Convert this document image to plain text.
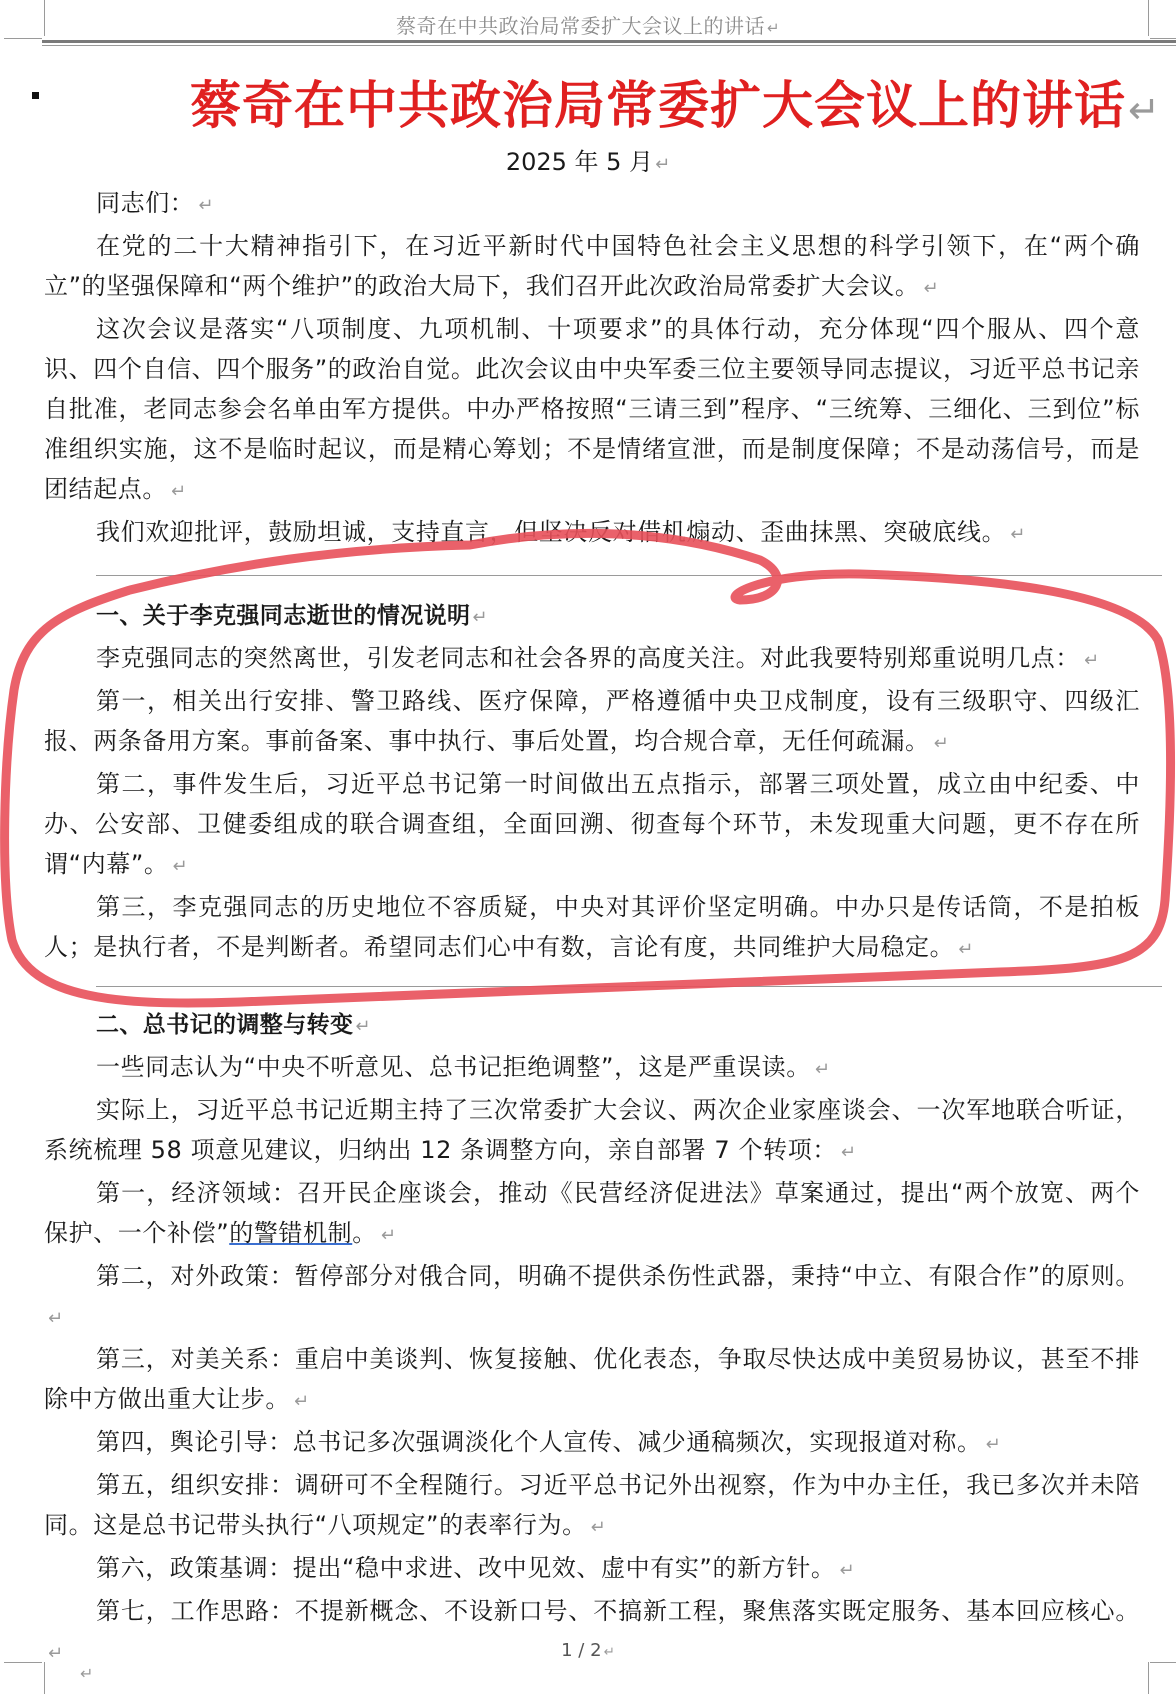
蔡奇在中共政治局常委扩大会议上的讲话 ↵
蔡奇在中共政治局常委扩大会议上的讲话↵
2025 年 5 月 ↵

同志们： ↵

在党的二十大精神指引下，在习近平新时代中国特色社会主义思想的科学引领下，在“两个确立”的坚强保障和“两个维护”的政治大局下，我们召开此次政治局常委扩大会议。 ↵

这次会议是落实“八项制度、九项机制、十项要求”的具体行动，充分体现“四个服从、四个意识、四个自信、四个服务”的政治自觉。此次会议由中央军委三位主要领导同志提议，习近平总书记亲自批准，老同志参会名单由军方提供。中办严格按照“三请三到”程序、“三统筹、三细化、三到位”标准组织实施，这不是临时起议，而是精心筹划；不是情绪宣泄，而是制度保障；不是动荡信号，而是团结起点。 ↵

我们欢迎批评，鼓励坦诚，支持直言，但坚决反对借机煽动、歪曲抹黑、突破底线。 ↵

一、关于李克强同志逝世的情况说明 ↵

李克强同志的突然离世，引发老同志和社会各界的高度关注。对此我要特别郑重说明几点： ↵

第一，相关出行安排、警卫路线、医疗保障，严格遵循中央卫戍制度，设有三级职守、四级汇报、两条备用方案。事前备案、事中执行、事后处置，均合规合章，无任何疏漏。 ↵

第二，事件发生后，习近平总书记第一时间做出五点指示，部署三项处置，成立由中纪委、中办、公安部、卫健委组成的联合调查组，全面回溯、彻查每个环节，未发现重大问题，更不存在所谓“内幕”。 ↵

第三，李克强同志的历史地位不容质疑，中央对其评价坚定明确。中办只是传话筒，不是拍板人；是执行者，不是判断者。希望同志们心中有数，言论有度，共同维护大局稳定。 ↵

二、总书记的调整与转变 ↵

一些同志认为“中央不听意见、总书记拒绝调整”，这是严重误读。 ↵

实际上，习近平总书记近期主持了三次常委扩大会议、两次企业家座谈会、一次军地联合听证，系统梳理 58 项意见建议，归纳出 12 条调整方向，亲自部署 7 个转项： ↵

第一，经济领域：召开民企座谈会，推动《民营经济促进法》草案通过，提出“两个放宽、两个保护、一个补偿”的警错机制。 ↵

第二，对外政策：暂停部分对俄合同，明确不提供杀伤性武器，秉持“中立、有限合作”的原则。↵

第三，对美关系：重启中美谈判、恢复接触、优化表态，争取尽快达成中美贸易协议，甚至不排除中方做出重大让步。 ↵

第四，舆论引导：总书记多次强调淡化个人宣传、减少通稿频次，实现报道对称。 ↵

第五，组织安排：调研可不全程随行。习近平总书记外出视察，作为中办主任，我已多次并未陪同。这是总书记带头执行“八项规定”的表率行为。 ↵

第六，政策基调：提出“稳中求进、改中见效、虚中有实”的新方针。 ↵

第七，工作思路：不提新概念、不设新口号、不搞新工程，聚焦落实既定服务、基本回应核心。↵	1 / 2 ↵
↵
